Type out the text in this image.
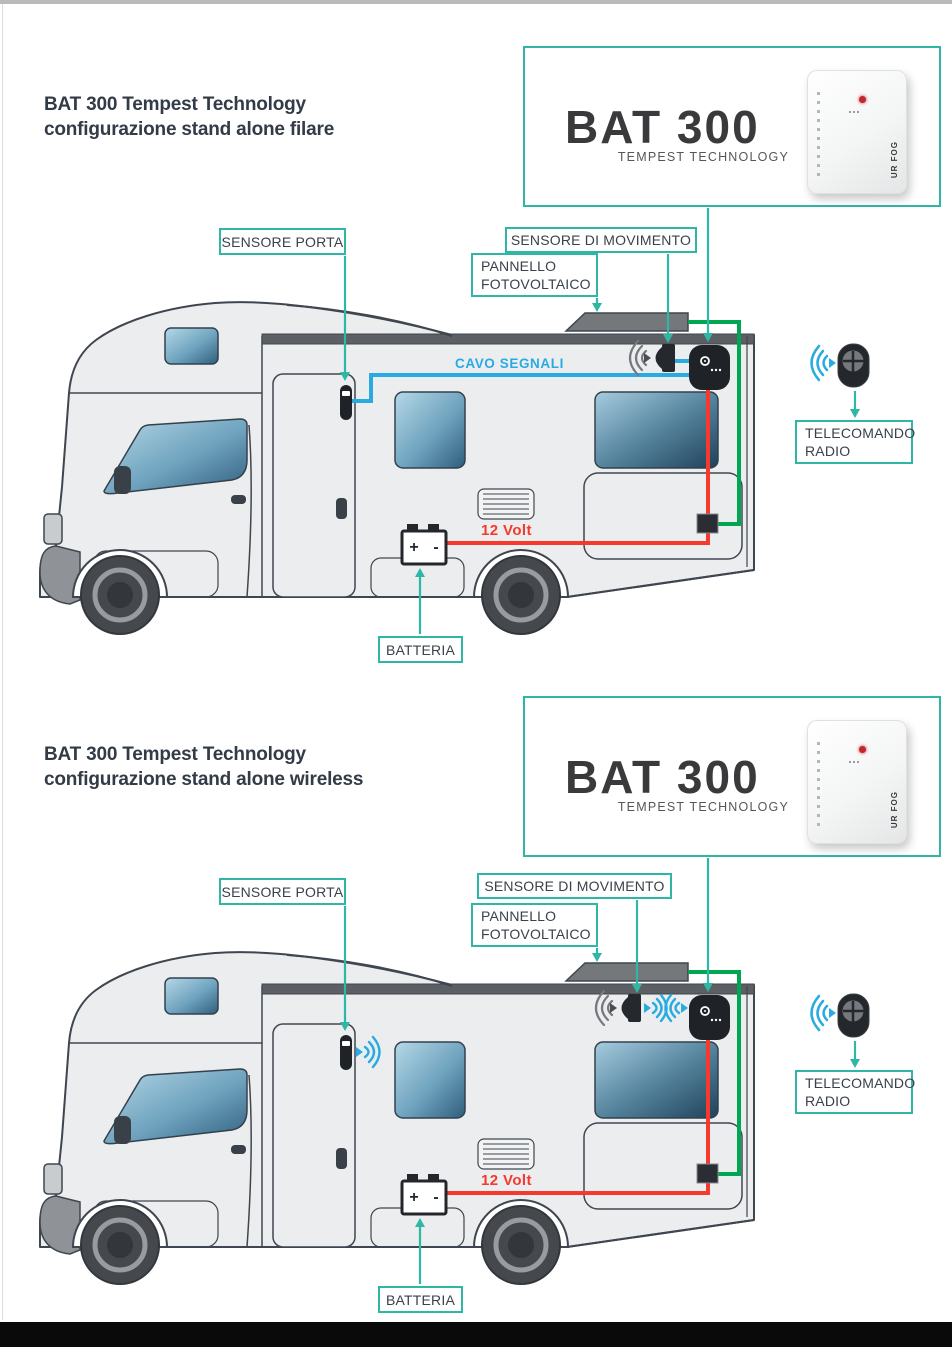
BAT 300 Tempest Technology
configurazione stand alone filare	BAT 300
TEMPEST TECHNOLOGY	UR FOG
SENSORE PORTA	SENSORE DI MOVIMENTO
PANNELLO
FOTOVOLTAICO
TELECOMANDO
RADIO
BATTERIA
CAVO SEGNALI
12 Volt
+ -
BAT 300 Tempest Technology
configurazione stand alone wireless	BAT 300
TEMPEST TECHNOLOGY	UR FOG
SENSORE PORTA	SENSORE DI MOVIMENTO
PANNELLO
FOTOVOLTAICO
TELECOMANDO
RADIO
BATTERIA
12 Volt
+ -
